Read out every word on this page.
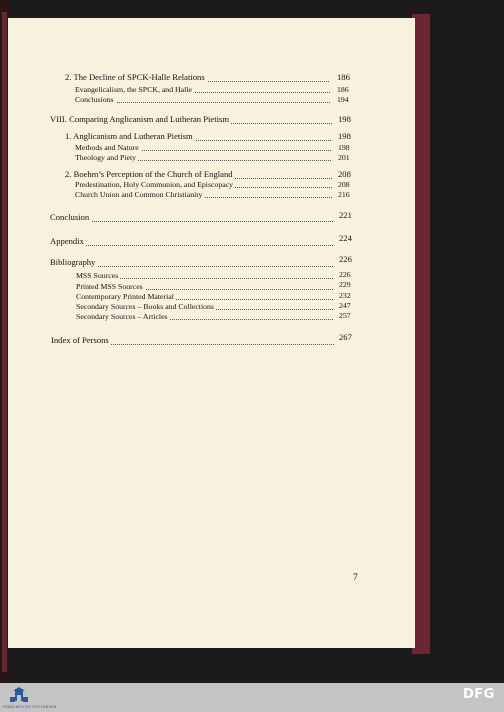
2. The Decline of SPCK-Halle Relations	186
Evangelicalism, the SPCK, and Halle	186
Conclusions	194
VIII. Comparing Anglicanism and Lutheran Pietism	198
1. Anglicanism and Lutheran Pietism	198
Methods and Nature	198
Theology and Piety	201
2. Boehm’s Perception of the Church of England	208
Predestination, Holy Communion, and Episcopacy	208
Church Union and Common Christianity	216
Conclusion	221
Appendix	224
Bibliography	226
MSS Sources	226
Printed MSS Sources	229
Contemporary Printed Material	232
Secondary Sources – Books and Collections	247
Secondary Sources – Articles	257
Index of Persons	267
7
FRANCKESCHE STIFTUNGEN
DFG
